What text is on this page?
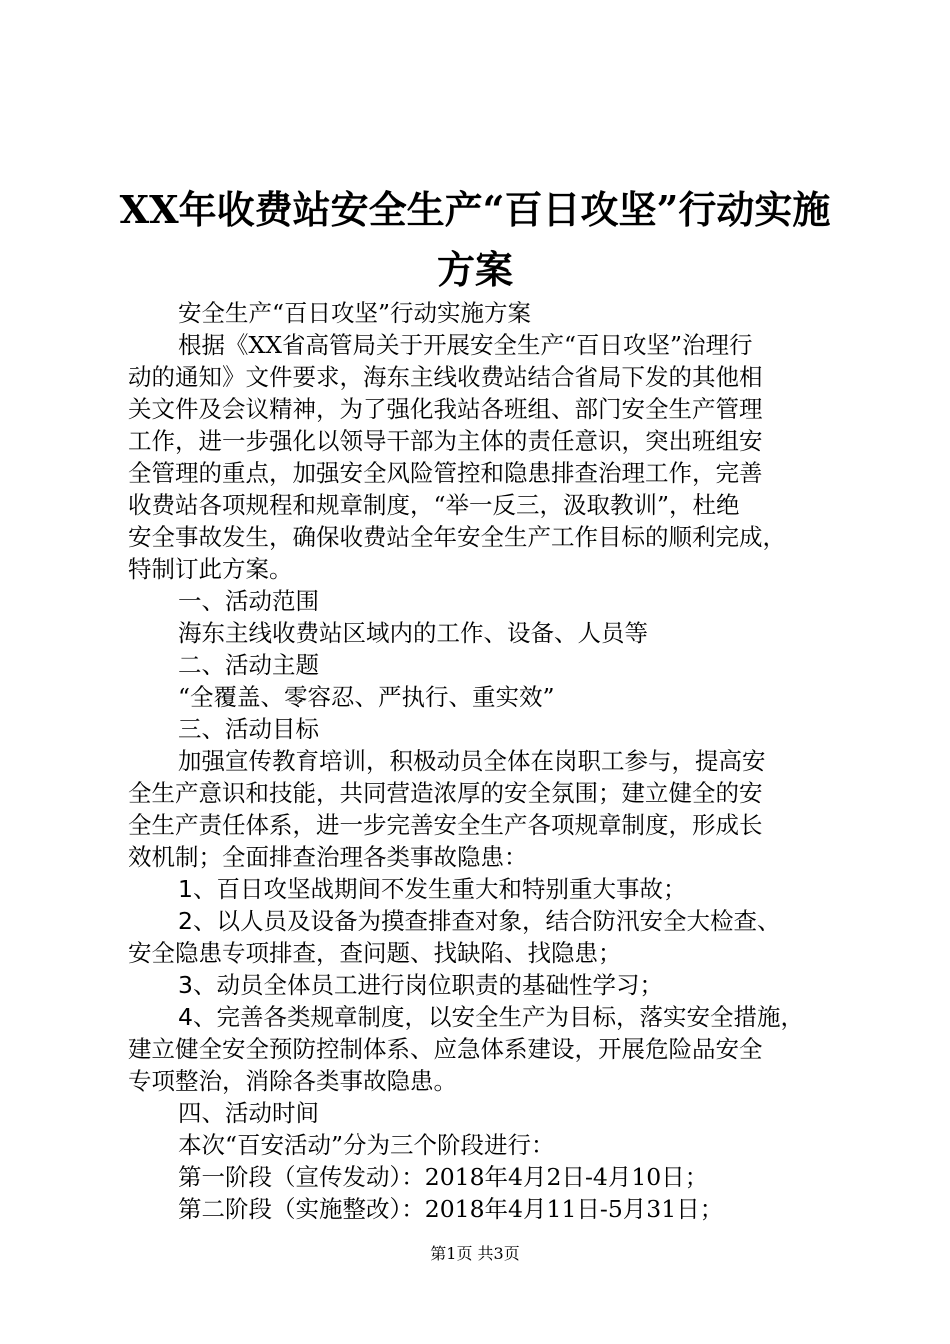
XX年收费站安全生产“百日攻坚”行动实施
方案
安全生产“百日攻坚”行动实施方案
根据《XX省高管局关于开展安全生产“百日攻坚”治理行
动的通知》文件要求，海东主线收费站结合省局下发的其他相
关文件及会议精神，为了强化我站各班组、部门安全生产管理
工作，进一步强化以领导干部为主体的责任意识，突出班组安
全管理的重点，加强安全风险管控和隐患排查治理工作，完善
收费站各项规程和规章制度，“举一反三，汲取教训”，杜绝
安全事故发生，确保收费站全年安全生产工作目标的顺利完成，
特制订此方案。
一、活动范围
海东主线收费站区域内的工作、设备、人员等
二、活动主题
“全覆盖、零容忍、严执行、重实效”
三、活动目标
加强宣传教育培训，积极动员全体在岗职工参与，提高安
全生产意识和技能，共同营造浓厚的安全氛围；建立健全的安
全生产责任体系，进一步完善安全生产各项规章制度，形成长
效机制；全面排查治理各类事故隐患：
1、百日攻坚战期间不发生重大和特别重大事故；
2、以人员及设备为摸查排查对象，结合防汛安全大检查、
安全隐患专项排查，查问题、找缺陷、找隐患；
3、动员全体员工进行岗位职责的基础性学习；
4、完善各类规章制度，以安全生产为目标，落实安全措施，
建立健全安全预防控制体系、应急体系建设，开展危险品安全
专项整治，消除各类事故隐患。
四、活动时间
本次“百安活动”分为三个阶段进行：
第一阶段（宣传发动）：2018年4月2日-4月10日；
第二阶段（实施整改）：2018年4月11日-5月31日；
第1页 共3页
